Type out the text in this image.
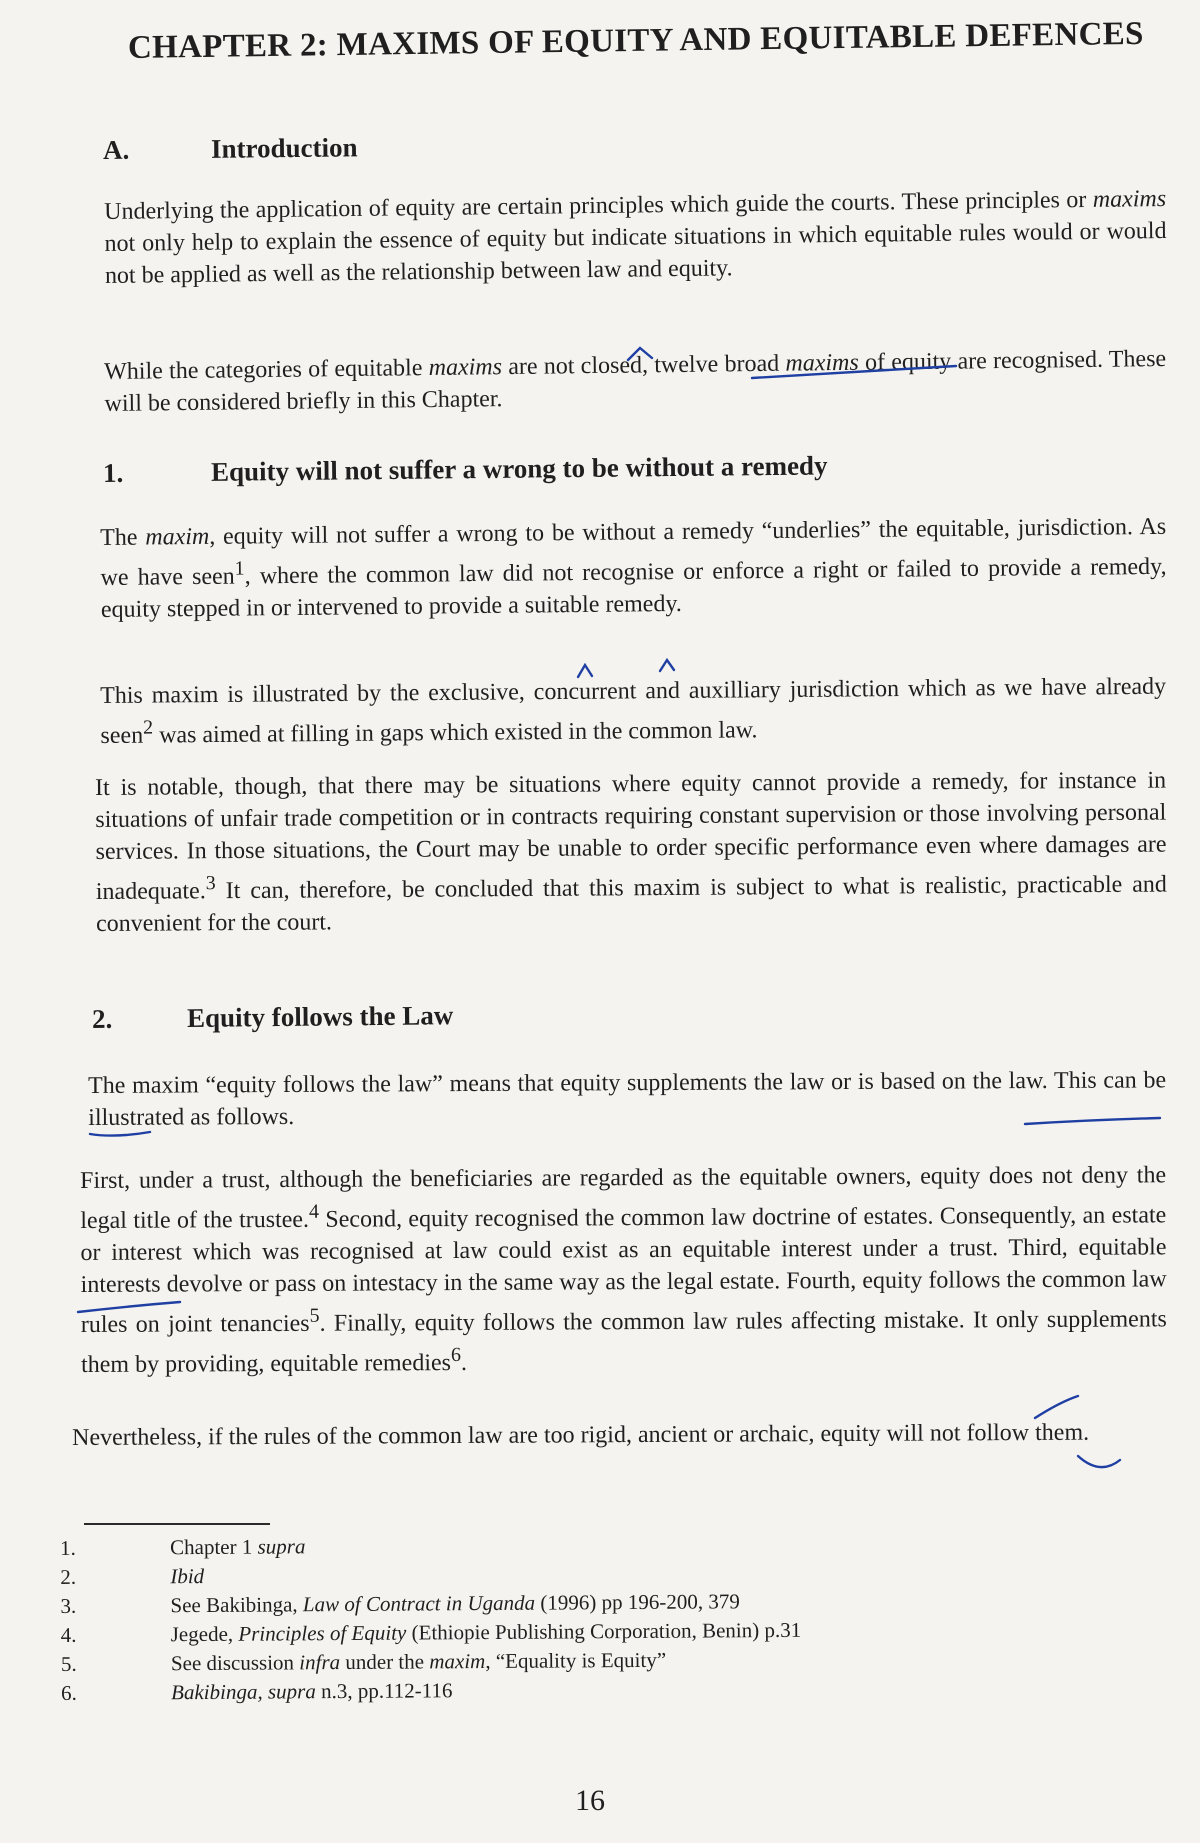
CHAPTER 2: MAXIMS OF EQUITY AND EQUITABLE DEFENCES
A.	Introduction

Underlying the application of equity are certain principles which guide the courts. These principles or maxims not only help to explain the essence of equity but indicate situations in which equitable rules would or would not be applied as well as the relationship between law and equity.

While the categories of equitable maxims are not closed, twelve broad maxims of equity are recognised. These will be considered briefly in this Chapter.

1.	Equity will not suffer a wrong to be without a remedy

The maxim, equity will not suffer a wrong to be without a remedy “underlies” the equitable, jurisdiction. As we have seen$^1$, where the common law did not recognise or enforce a right or failed to provide a remedy, equity stepped in or intervened to provide a suitable remedy.

This maxim is illustrated by the exclusive, concurrent and auxilliary jurisdiction which as we have already seen$^2$ was aimed at filling in gaps which existed in the common law.

It is notable, though, that there may be situations where equity cannot provide a remedy, for instance in situations of unfair trade competition or in contracts requiring constant supervision or those involving personal services. In those situations, the Court may be unable to order specific performance even where damages are inadequate.$^3$ It can, therefore, be concluded that this maxim is subject to what is realistic, practicable and convenient for the court.

2.	Equity follows the Law

The maxim “equity follows the law” means that equity supplements the law or is based on the law. This can be illustrated as follows.

First, under a trust, although the beneficiaries are regarded as the equitable owners, equity does not deny the legal title of the trustee.$^4$ Second, equity recognised the common law doctrine of estates. Consequently, an estate or interest which was recognised at law could exist as an equitable interest under a trust. Third, equitable interests devolve or pass on intestacy in the same way as the legal estate. Fourth, equity follows the common law rules on joint tenancies$^5$. Finally, equity follows the common law rules affecting mistake. It only supplements them by providing, equitable remedies$^6$.

Nevertheless, if the rules of the common law are too rigid, ancient or archaic, equity will not follow them.

1.	Chapter 1 supra
2.	Ibid
3.	See Bakibinga, Law of Contract in Uganda (1996) pp 196-200, 379
4.	Jegede, Principles of Equity (Ethiopie Publishing Corporation, Benin) p.31
5.	See discussion infra under the maxim, “Equality is Equity”
6.	Bakibinga, supra n.3, pp.112-116
16
